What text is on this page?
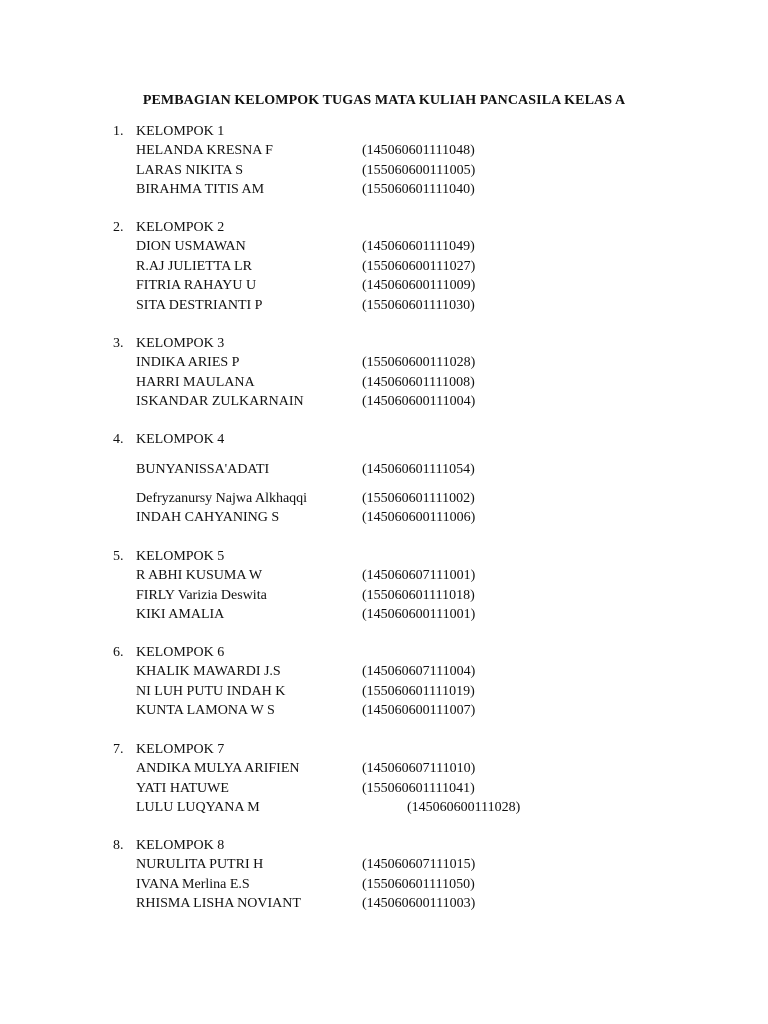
PEMBAGIAN KELOMPOK TUGAS MATA KULIAH PANCASILA KELAS A
1. KELOMPOK 1
HELANDA KRESNA F	(145060601111048)
LARAS NIKITA S	(155060600111005)
BIRAHMA TITIS AM	(155060601111040)
2. KELOMPOK 2
DION USMAWAN	(145060601111049)
R.AJ JULIETTA LR	(155060600111027)
FITRIA RAHAYU U	(145060600111009)
SITA DESTRIANTI P	(155060601111030)
3. KELOMPOK 3
INDIKA ARIES P	(155060600111028)
HARRI MAULANA	(145060601111008)
ISKANDAR ZULKARNAIN	(145060600111004)
4. KELOMPOK 4
BUNYANISSA'ADATI	(145060601111054)
Defryzanursy Najwa Alkhaqqi	(155060601111002)
INDAH CAHYANING S	(145060600111006)
5. KELOMPOK 5
R ABHI KUSUMA W	(145060607111001)
FIRLY Varizia Deswita	(155060601111018)
KIKI AMALIA	(145060600111001)
6. KELOMPOK 6
KHALIK MAWARDI J.S	(145060607111004)
NI LUH PUTU INDAH K	(155060601111019)
KUNTA LAMONA W S	(145060600111007)
7. KELOMPOK 7
ANDIKA MULYA ARIFIEN	(145060607111010)
YATI HATUWE	(155060601111041)
LULU LUQYANA M	(145060600111028)
8. KELOMPOK 8
NURULITA PUTRI H	(145060607111015)
IVANA Merlina E.S	(155060601111050)
RHISMA LISHA NOVIANT	(145060600111003)
